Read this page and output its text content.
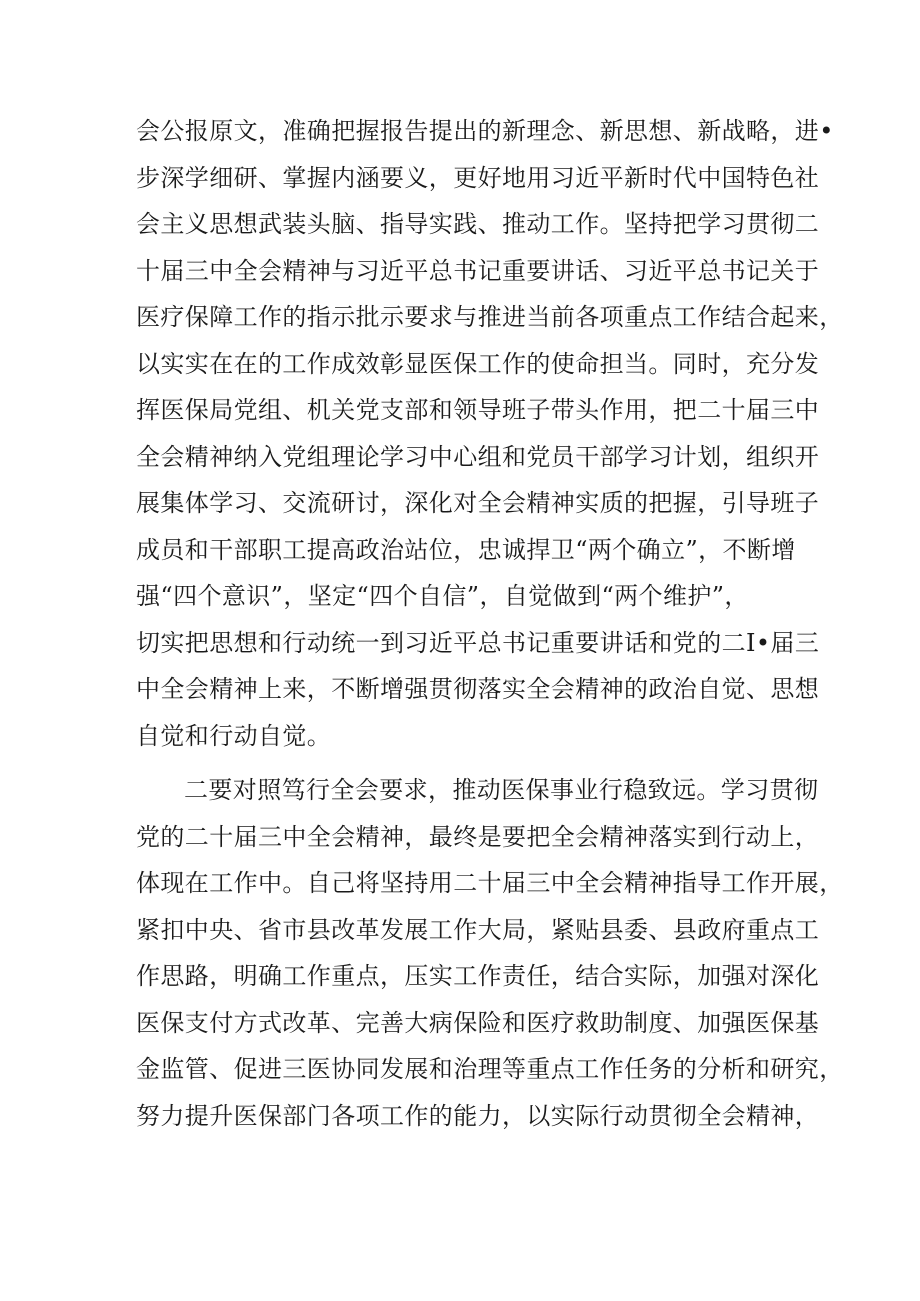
会公报原文，准确把握报告提出的新理念、新思想、新战略，进•
步深学细研、掌握内涵要义，更好地用习近平新时代中国特色社
会主义思想武装头脑、指导实践、推动工作。坚持把学习贯彻二
十届三中全会精神与习近平总书记重要讲话、习近平总书记关于
医疗保障工作的指示批示要求与推进当前各项重点工作结合起来，
以实实在在的工作成效彰显医保工作的使命担当。同时，充分发
挥医保局党组、机关党支部和领导班子带头作用，把二十届三中
全会精神纳入党组理论学习中心组和党员干部学习计划，组织开
展集体学习、交流研讨，深化对全会精神实质的把握，引导班子
成员和干部职工提高政治站位，忠诚捍卫“两个确立”，不断增
强“四个意识”，坚定“四个自信”，自觉做到“两个维护”，
切实把思想和行动统一到习近平总书记重要讲话和党的二I•届三
中全会精神上来，不断增强贯彻落实全会精神的政治自觉、思想
自觉和行动自觉。
二要对照笃行全会要求，推动医保事业行稳致远。学习贯彻
党的二十届三中全会精神，最终是要把全会精神落实到行动上，
体现在工作中。自己将坚持用二十届三中全会精神指导工作开展，
紧扣中央、省市县改革发展工作大局，紧贴县委、县政府重点工
作思路，明确工作重点，压实工作责任，结合实际，加强对深化
医保支付方式改革、完善大病保险和医疗救助制度、加强医保基
金监管、促进三医协同发展和治理等重点工作任务的分析和研究，
努力提升医保部门各项工作的能力，以实际行动贯彻全会精神，
